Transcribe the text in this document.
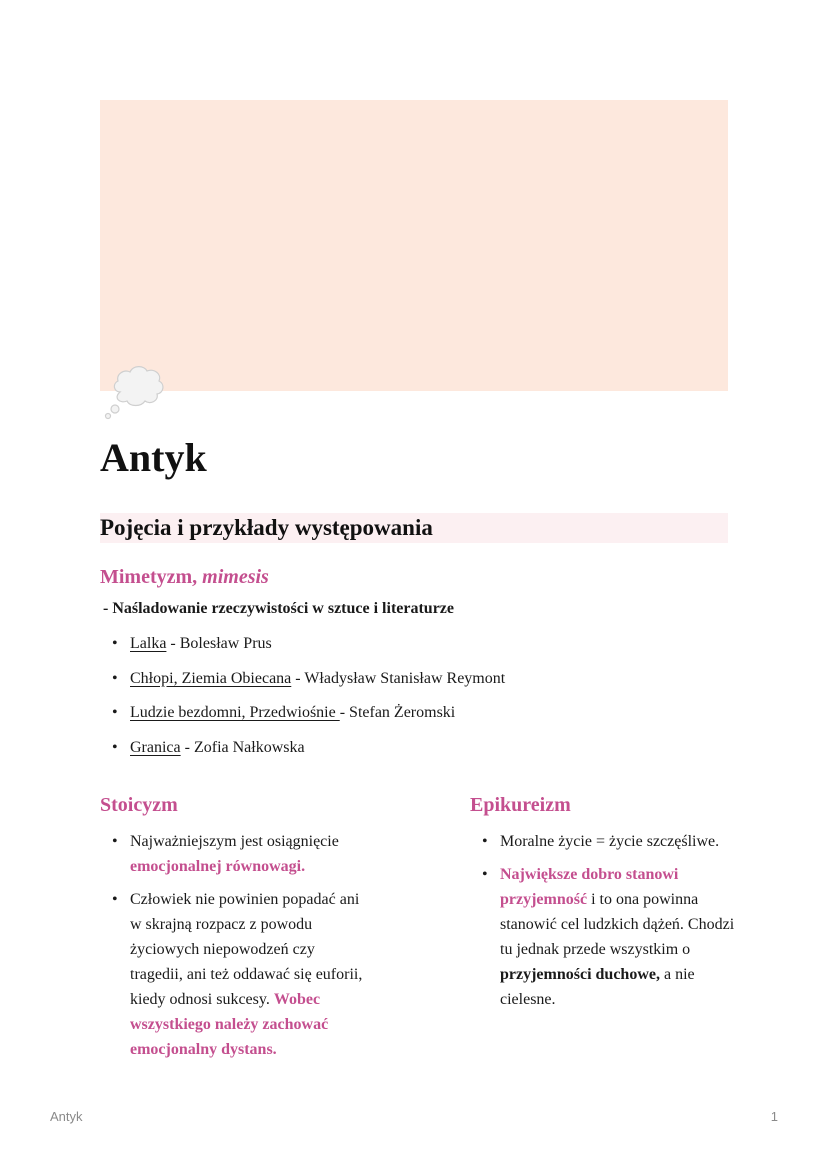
Antyk
Pojęcia i przykłady występowania
Mimetyzm, mimesis

- Naśladowanie rzeczywistości w sztuce i literaturze

• Lalka - Bolesław Prus
• Chłopi, Ziemia Obiecana - Władysław Stanisław Reymont
• Ludzie bezdomni, Przedwiośnie - Stefan Żeromski
• Granica - Zofia Nałkowska
Stoicyzm
• Najważniejszym jest osiągnięcie emocjonalnej równowagi.
• Człowiek nie powinien popadać ani w skrajną rozpacz z powodu życiowych niepowodzeń czy tragedii, ani też oddawać się euforii, kiedy odnosi sukcesy. Wobec wszystkiego należy zachować emocjonalny dystans.
Epikureizm
• Moralne życie = życie szczęśliwe.
• Największe dobro stanowi przyjemność i to ona powinna stanowić cel ludzkich dążeń. Chodzi tu jednak przede wszystkim o przyjemności duchowe, a nie cielesne.
Antyk	1
